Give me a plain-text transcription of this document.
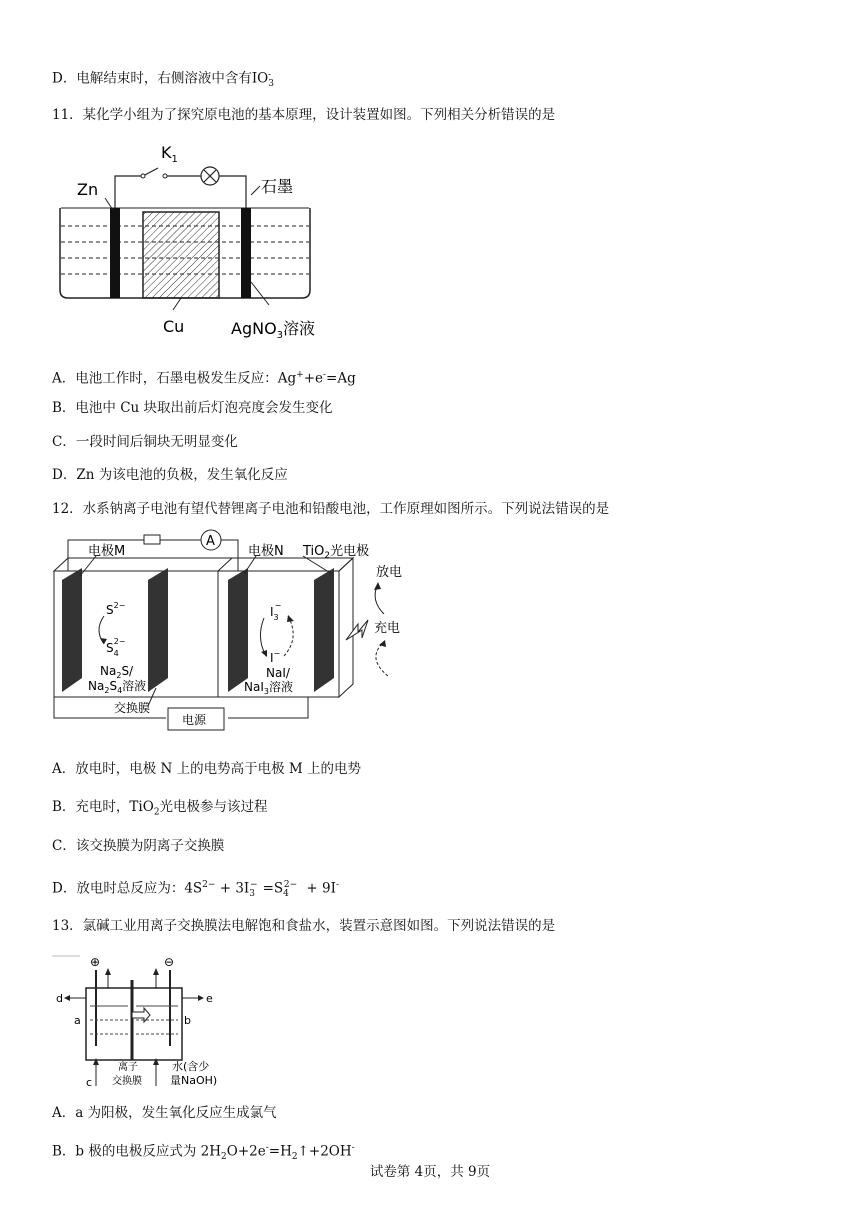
D．电解结束时，右侧溶液中含有$IO_3^-$
11．某化学小组为了探究原电池的基本原理，设计装置如图。下列相关分析错误的是
$K_1$
Zn	石墨
Cu	AgNO$_3$溶液
A．电池工作时，石墨电极发生反应：Ag++e-=Ag
B．电池中 Cu 块取出前后灯泡亮度会发生变化
C．一段时间后铜块无明显变化
D．Zn 为该电池的负极，发生氧化反应
12．水系钠离子电池有望代替锂离子电池和铅酸电池，工作原理如图所示。下列说法错误的是
A
电极M	电极N TiO$_2$光电极
$S^{2-}$
$S_42-$
$Na_2S/$
$Na_2S_4$溶液
$I_3-$
I−
NaI/
NaI$_3$溶液
放电
充电
交换膜
电源
A．放电时，电极 N 上的电势高于电极 M 上的电势
B．充电时，TiO$_2$光电极参与该过程
C．该交换膜为阴离子交换膜
D．放电时总反应为：$4S^{2-} + 3I_3^- =S_4^{2-} + 9I^-$
13．氯碱工业用离子交换膜法电解饱和食盐水，装置示意图如图。下列说法错误的是
⊕	⊖
d	e
a	b
c
离子
交换膜
水(含少
量NaOH)
A．a 为阳极，发生氧化反应生成氯气
B．b 极的电极反应式为 $2H_2O+2e^-=H_2↑+2OH^-$
试卷第 4页，共 9页
